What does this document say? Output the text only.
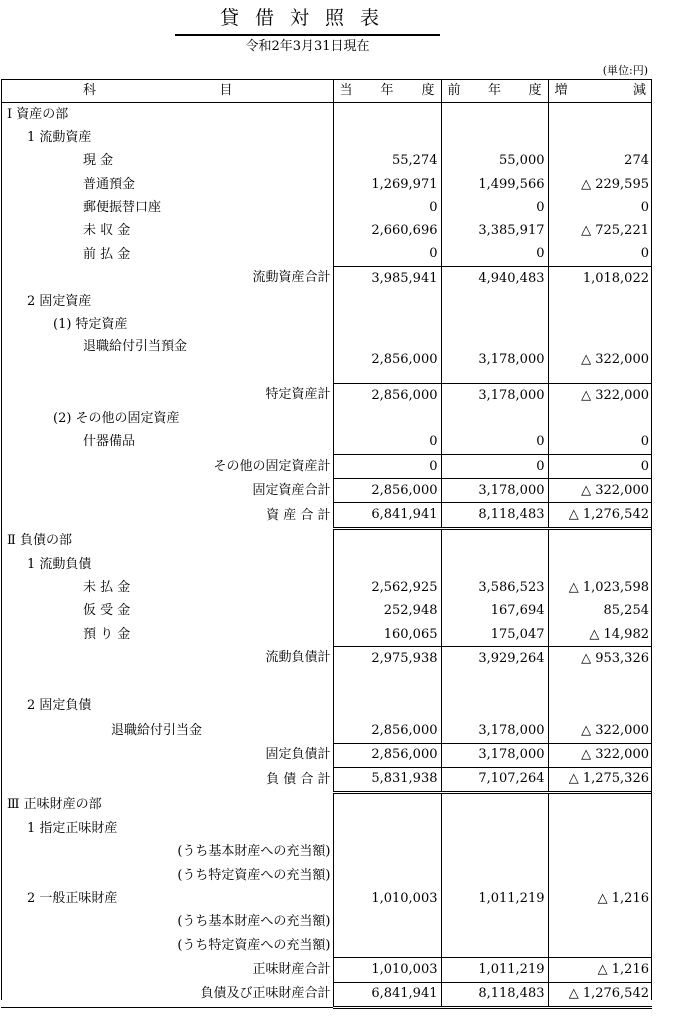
貸借対照表
令和2年3月31日現在
(単位:円)
科 目	当 年 度	前 年 度	増 減

Ⅰ 資産の部			
1 流動資産			
現 金	55,274	55,000	274
普通預金	1,269,971	1,499,566	△ 229,595
郵便振替口座	0	0	0
未 収 金	2,660,696	3,385,917	△ 725,221
前 払 金	0	0	0
流動資産合計	3,985,941	4,940,483	1,018,022
2 固定資産			
(1) 特定資産			
退職給付引当預金	2,856,000	3,178,000	△ 322,000
特定資産計	2,856,000	3,178,000	△ 322,000
(2) その他の固定資産			
什器備品	0	0	0
その他の固定資産計	0	0	0
固定資産合計	2,856,000	3,178,000	△ 322,000
資 産 合 計	6,841,941	8,118,483	△ 1,276,542
Ⅱ 負債の部			
1 流動負債			
未 払 金	2,562,925	3,586,523	△ 1,023,598
仮 受 金	252,948	167,694	85,254
預 り 金	160,065	175,047	△ 14,982
流動負債計	2,975,938	3,929,264	△ 953,326
2 固定負債			
退職給付引当金	2,856,000	3,178,000	△ 322,000
固定負債計	2,856,000	3,178,000	△ 322,000
負 債 合 計	5,831,938	7,107,264	△ 1,275,326
Ⅲ 正味財産の部			
1 指定正味財産			
(うち基本財産への充当額)			
(うち特定資産への充当額)			
2 一般正味財産	1,010,003	1,011,219	△ 1,216
(うち基本財産への充当額)			
(うち特定資産への充当額)			
正味財産合計	1,010,003	1,011,219	△ 1,216
負債及び正味財産合計	6,841,941	8,118,483	△ 1,276,542
